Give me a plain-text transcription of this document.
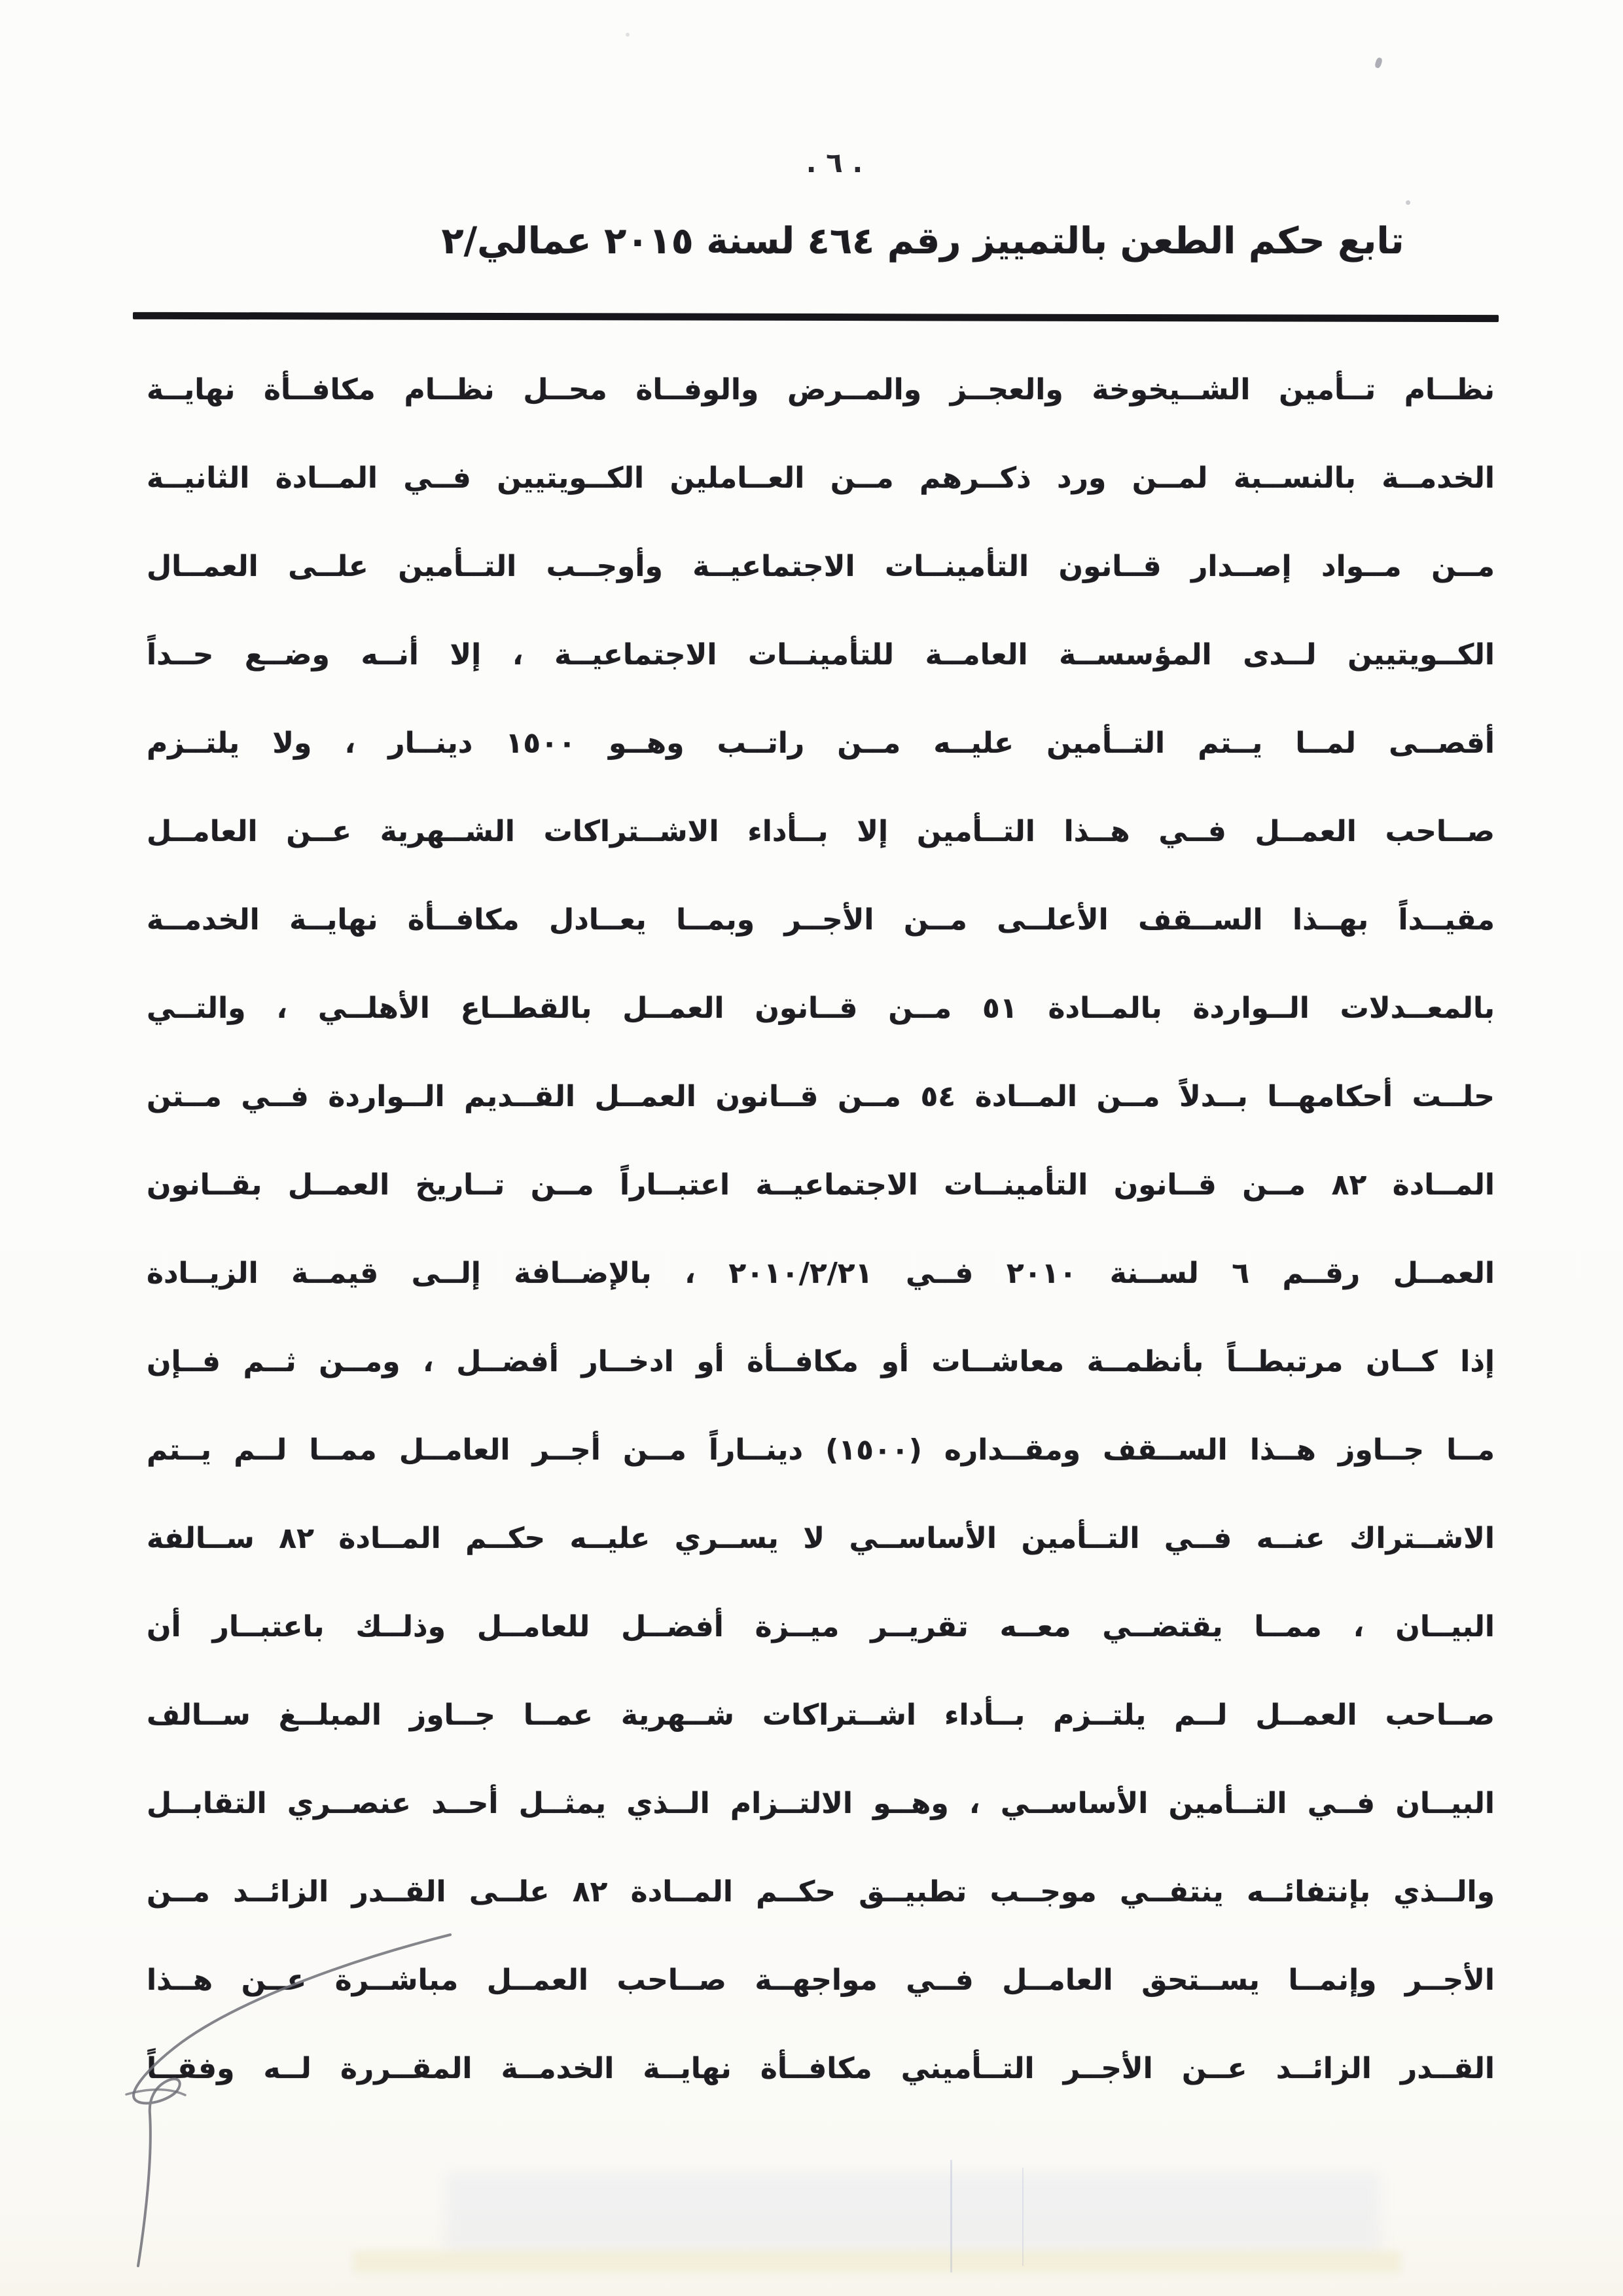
. ٦ .
تابع حكم الطعن بالتمييز رقم ٤٦٤ لسنة ٢٠١٥ عمالي/٢
نظــام تــأمين الشــيخوخة والعجــز والمــرض والوفــاة محــل نظــام مكافــأة نهايــة
الخدمــة بالنســبة لمــن ورد ذكــرهم مــن العــاملين الكــويتيين فــي المــادة الثانيــة
مــن مــواد إصــدار قــانون التأمينــات الاجتماعيــة وأوجــب التــأمين علــى العمــال
الكــويتيين لــدى المؤسســة العامــة للتأمينــات الاجتماعيــة ، إلا أنــه وضــع حــداً
أقصــى لمــا يــتم التــأمين عليــه مــن راتــب وهــو ١٥٠٠ دينــار ، ولا يلتــزم
صــاحب العمــل فــي هــذا التــأمين إلا بــأداء الاشــتراكات الشــهرية عــن العامــل
مقيــداً بهــذا الســقف الأعلــى مــن الأجــر وبمــا يعــادل مكافــأة نهايــة الخدمــة
بالمعــدلات الــواردة بالمــادة ٥١ مــن قــانون العمــل بالقطــاع الأهلــي ، والتــي
حلــت أحكامهــا بــدلاً مــن المــادة ٥٤ مــن قــانون العمــل القــديم الــواردة فــي مــتن
المــادة ٨٢ مــن قــانون التأمينــات الاجتماعيــة اعتبــاراً مــن تــاريخ العمــل بقــانون
العمــل رقــم ٦ لســنة ٢٠١٠ فــي ٢٠١٠/٢/٢١ ، بالإضــافة إلــى قيمــة الزيــادة
إذا كــان مرتبطــاً بأنظمــة معاشــات أو مكافــأة أو ادخــار أفضــل ، ومــن ثــم فــإن
مــا جــاوز هــذا الســقف ومقــداره (١٥٠٠) دينــاراً مــن أجــر العامــل ممــا لــم يــتم
الاشــتراك عنــه فــي التــأمين الأساســي لا يســري عليــه حكــم المــادة ٨٢ ســالفة
البيــان ، ممــا يقتضــي معــه تقريــر ميــزة أفضــل للعامــل وذلــك باعتبــار أن
صــاحب العمــل لــم يلتــزم بــأداء اشــتراكات شــهرية عمــا جــاوز المبلــغ ســالف
البيــان فــي التــأمين الأساســي ، وهــو الالتــزام الــذي يمثــل أحــد عنصــري التقابــل
والــذي بإنتفائــه ينتفــي موجــب تطبيــق حكــم المــادة ٨٢ علــى القــدر الزائــد مــن
الأجــر وإنمــا يســتحق العامــل فــي مواجهــة صــاحب العمــل مباشــرة عــن هــذا
القــدر الزائــد عــن الأجــر التــأميني مكافــأة نهايــة الخدمــة المقــررة لــه وفقــاً
